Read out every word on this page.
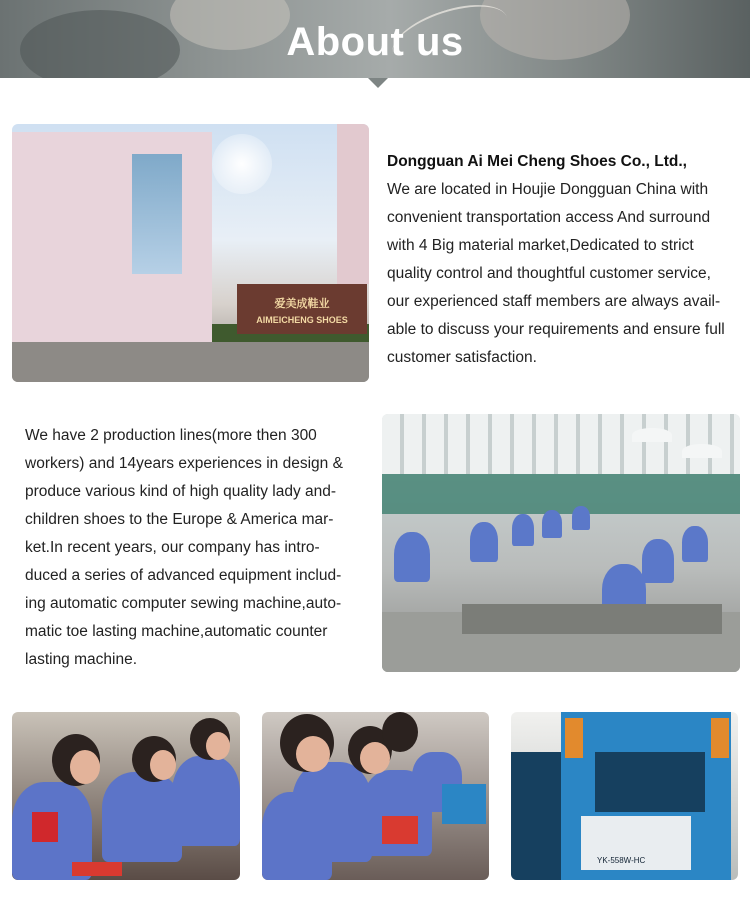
About us
爱美成鞋业
AIMEICHENG SHOES
Dongguan Ai Mei Cheng Shoes Co., Ltd.,
We are located in Houjie Dongguan China with
convenient transportation access And surround
with 4 Big material market,Dedicated to strict
quality control and thoughtful customer service,
our experienced staff members are always avail-
able to discuss your requirements and ensure full
customer satisfaction.
We have 2 production lines(more then 300
workers) and 14years experiences in design &
produce various kind of high quality lady and-
children shoes to the Europe & America mar-
ket.In recent years, our company has intro-
duced a series of advanced equipment includ-
ing automatic computer sewing machine,auto-
matic toe lasting machine,automatic counter
lasting machine.
YK-558W-HC
